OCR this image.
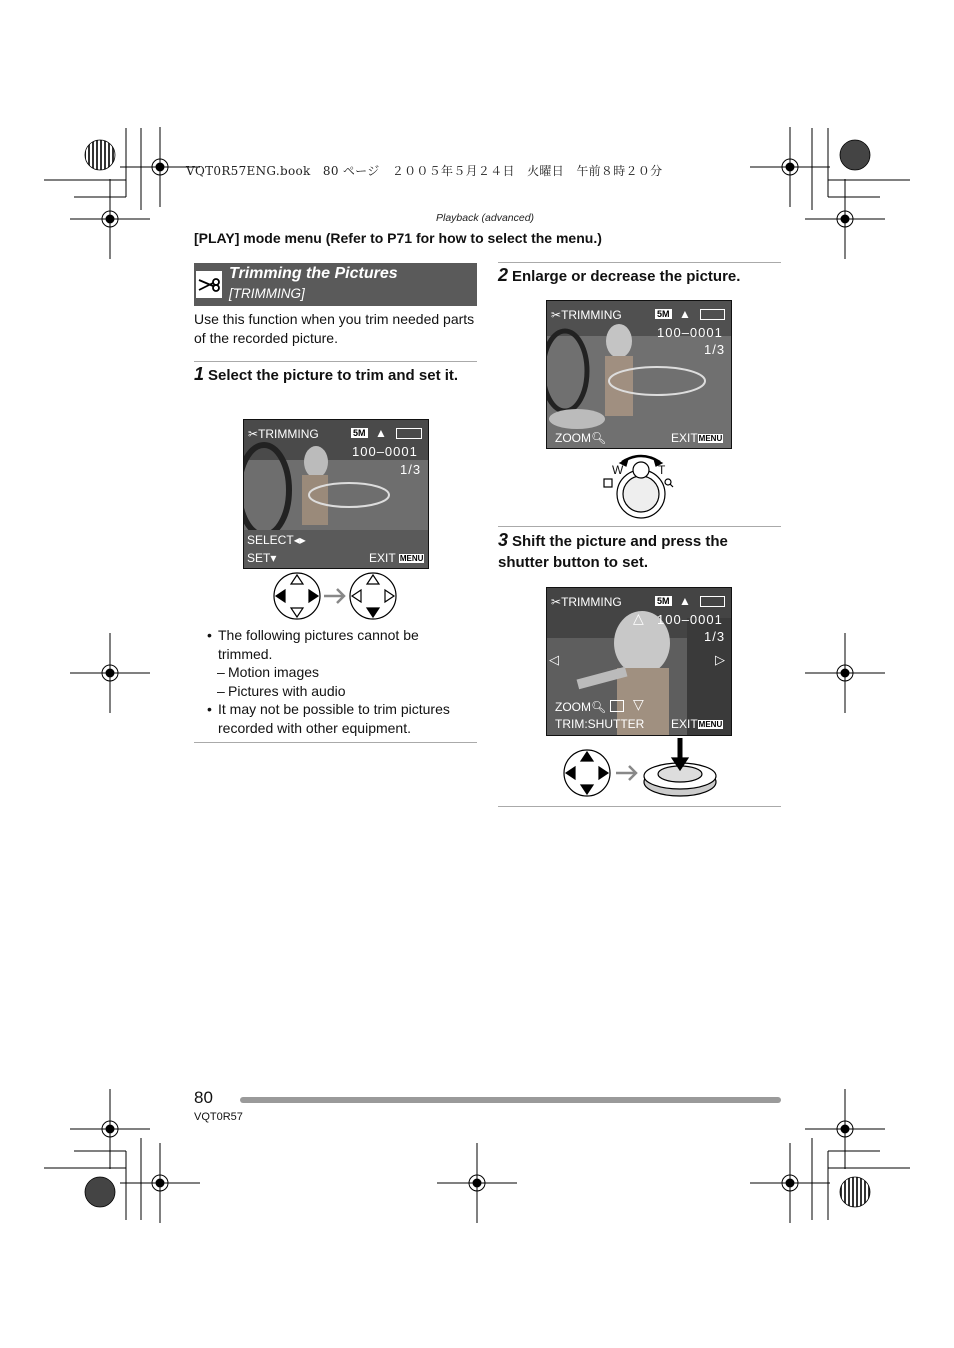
VQT0R57ENG.book　80 ページ　２００５年５月２４日　火曜日　午前８時２０分
Playback (advanced)
[PLAY] mode menu (Refer to P71 for how to select the menu.)
Trimming the Pictures
[TRIMMING]
Use this function when you trim needed parts of the recorded picture.
1 Select the picture to trim and set it.
✂TRIMMING	5M ▲
100–0001
1/3
SELECT◂▸
SET▾	EXIT MENU
• The following pictures cannot be trimmed.
– Motion images
– Pictures with audio
• It may not be possible to trim pictures recorded with other equipment.
2 Enlarge or decrease the picture.
✂TRIMMING	5M ▲
100–0001
1/3
ZOOM🔍︎	EXITMENU
W	T
3 Shift the picture and press the shutter button to set.
✂TRIMMING	5M ▲
100–0001
1/3
△
▽
◁	▷
ZOOM🔍︎
TRIM:SHUTTER EXITMENU
80
VQT0R57
